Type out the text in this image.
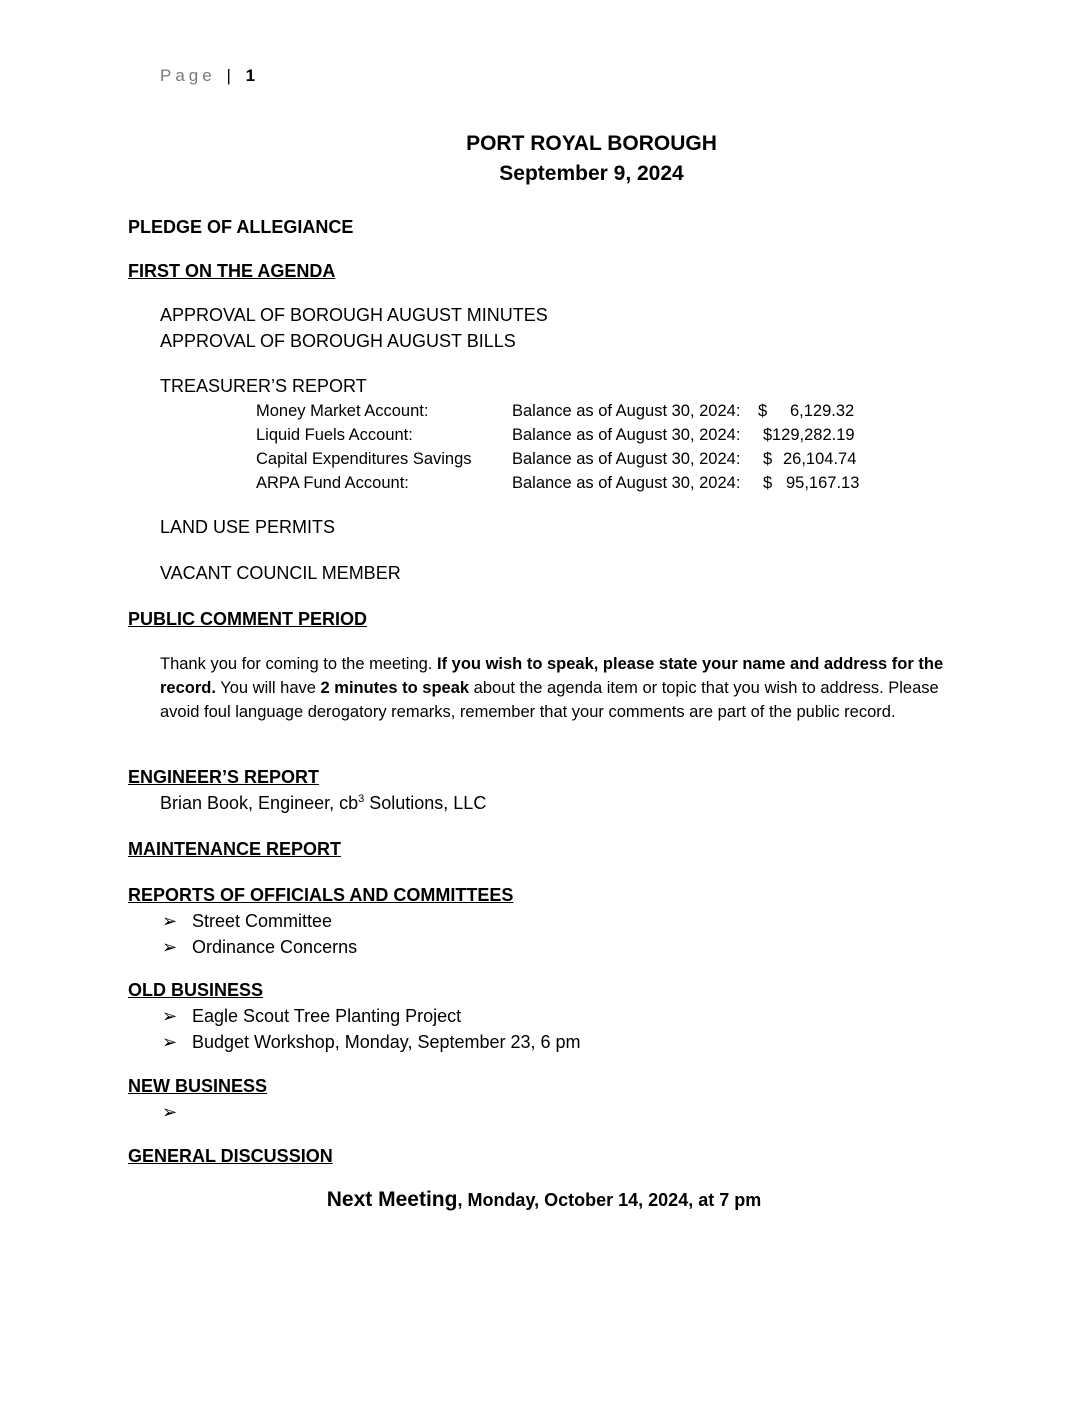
Page | 1
PORT ROYAL BOROUGH
September 9, 2024
PLEDGE OF ALLEGIANCE
FIRST ON THE AGENDA
APPROVAL OF BOROUGH AUGUST MINUTES
APPROVAL OF BOROUGH AUGUST BILLS
TREASURER’S REPORT
Money Market Account:	Balance as of August 30, 2024: $ 6,129.32
Liquid Fuels Account:	Balance as of August 30, 2024: $ 129,282.19
Capital Expenditures Savings Balance as of August 30, 2024: $ 26,104.74
ARPA Fund Account:	Balance as of August 30, 2024: $ 95,167.13
LAND USE PERMITS
VACANT COUNCIL MEMBER
PUBLIC COMMENT PERIOD
Thank you for coming to the meeting. If you wish to speak, please state your name and address for the record. You will have 2 minutes to speak about the agenda item or topic that you wish to address. Please avoid foul language derogatory remarks, remember that your comments are part of the public record.
ENGINEER’S REPORT
Brian Book, Engineer, $cb^3$ Solutions, LLC
MAINTENANCE REPORT
REPORTS OF OFFICIALS AND COMMITTEES
➢ Street Committee
➢ Ordinance Concerns
OLD BUSINESS
➢ Eagle Scout Tree Planting Project
➢ Budget Workshop, Monday, September 23, 6 pm
NEW BUSINESS
➢
GENERAL DISCUSSION
Next Meeting, Monday, October 14, 2024, at 7 pm
